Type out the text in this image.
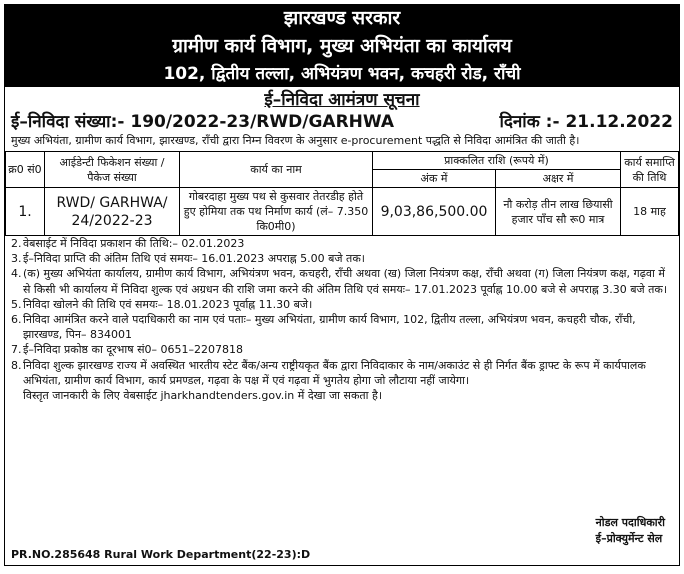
झारखण्ड सरकार
ग्रामीण कार्य विभाग, मुख्य अभियंता का कार्यालय
102, द्वितीय तल्ला, अभियंत्रण भवन, कचहरी रोड, राँची
ई–निविदा आमंत्रण सूचना
ई–निविदा संख्या:- 190/2022-23/RWD/GARHWA	दिनांक :- 21.12.2022
मुख्य अभियंता, ग्रामीण कार्य विभाग, झारखण्ड, राँची द्वारा निम्न विवरण के अनुसार e-procurement पद्धति से निविदा आमंत्रित की जाती है।
क्र0 सं0	आईडेन्टी फिकेशन संख्या / पैकेज संख्या	कार्य का नाम	प्राक्कलित राशि (रूपये में)		कार्य समाप्ति की तिथि
			अंक में	अक्षर में	
1.	RWD/ GARHWA/ 24/2022-23	गोबरदाहा मुख्य पथ से कुसवार तेतरडीह होते हुए होमिया तक पथ निर्माण कार्य (लं– 7.350 कि0मी0)	9,03,86,500.00	नौ करोड़ तीन लाख छियासी हजार पाँच सौ रू0 मात्र	18 माह

2. वेबसाईट में निविदा प्रकाशन की तिथि:– 02.01.2023

3. ई–निविदा प्राप्ति की अंतिम तिथि एवं समयः– 16.01.2023 अपराह्न 5.00 बजे तक।

4. (क) मुख्य अभियंता कार्यालय, ग्रामीण कार्य विभाग, अभियंत्रण भवन, कचहरी, राँची अथवा (ख) जिला नियंत्रण कक्ष, राँची अथवा (ग) जिला नियंत्रण कक्ष, गढ़वा में से किसी भी कार्यालय में निविदा शुल्क एवं अग्रधन की राशि जमा करने की अंतिम तिथि एवं समयः– 17.01.2023 पूर्वाह्न 10.00 बजे से अपराह्न 3.30 बजे तक।

5. निविदा खोलने की तिथि एवं समयः– 18.01.2023 पूर्वाह्न 11.30 बजे।

6. निविदा आमंत्रित करने वाले पदाधिकारी का नाम एवं पताः– मुख्य अभियंता, ग्रामीण कार्य विभाग, 102, द्वितीय तल्ला, अभियंत्रण भवन, कचहरी चौक, राँची, झारखण्ड, पिन– 834001

7. ई–निविदा प्रकोष्ठ का दूरभाष सं0– 0651–2207818

8. निविदा शुल्क झारखण्ड राज्य में अवस्थित भारतीय स्टेट बैंक/अन्य राष्ट्रीयकृत बैंक द्वारा निविदाकार के नाम/अकाउंट से ही निर्गत बैंक ड्राफ्ट के रूप में कार्यपालक अभियंता, ग्रामीण कार्य विभाग, कार्य प्रमण्डल, गढ़वा के पक्ष में एवं गढ़वा में भुगतेय होगा जो लौटाया नहीं जायेगा।

विस्तृत जानकारी के लिए वेबसाईट jharkhandtenders.gov.in में देखा जा सकता है।
नोडल पदाधिकारी
ई–प्रोक्युर्मेन्ट सेल
PR.NO.285648 Rural Work Department(22-23):D
